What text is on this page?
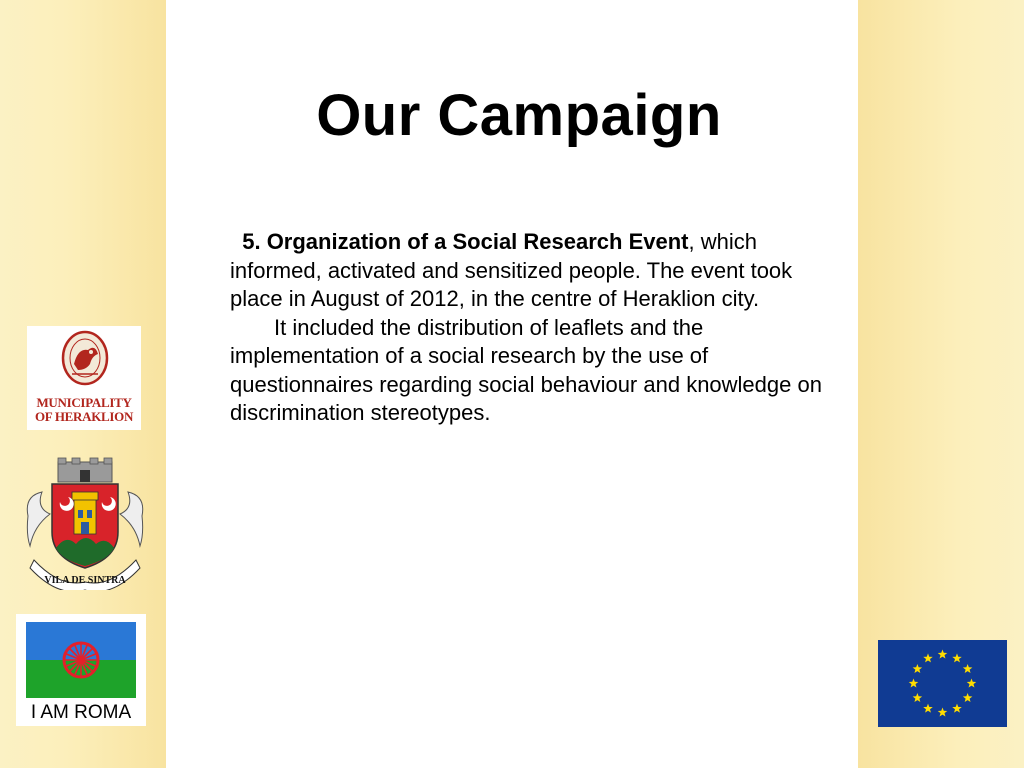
Our Campaign
5. Organization of a Social Research Event, which informed, activated and sensitized people. The event took place in August of 2012, in the centre of Heraklion city.
It included the distribution of leaflets and the implementation of a social research by the use of questionnaires regarding social behaviour and knowledge on discrimination stereotypes.
MUNICIPALITY OF HERAKLION
VILA DE SINTRA
I AM ROMA
